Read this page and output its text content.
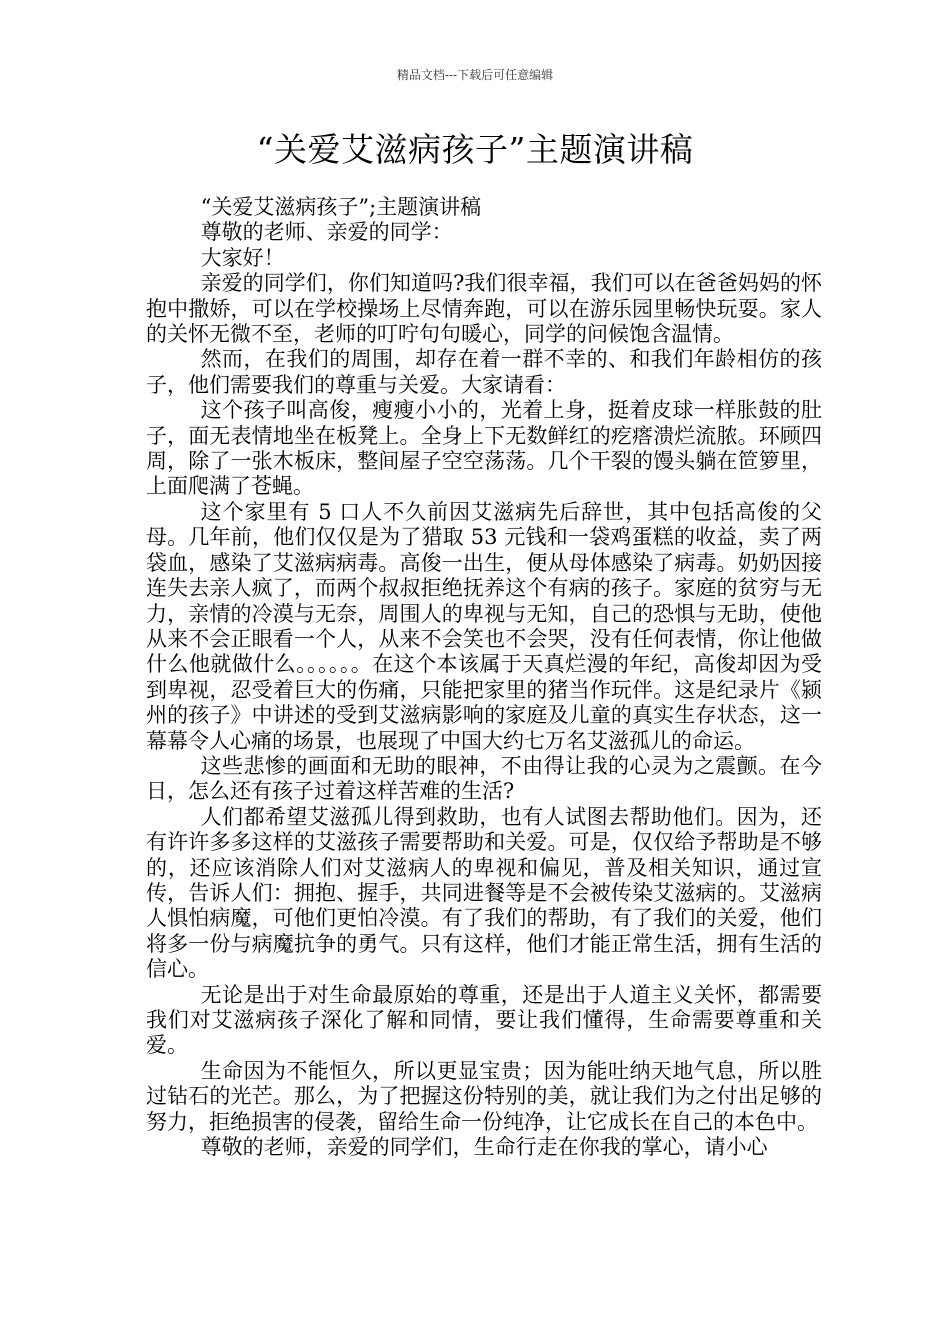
精品文档---下载后可任意编辑
“关爱艾滋病孩子”主题演讲稿

“关爱艾滋病孩子”;主题演讲稿

尊敬的老师、亲爱的同学：

大家好！

亲爱的同学们，你们知道吗?我们很幸福，我们可以在爸爸妈妈的怀抱中撒娇，可以在学校操场上尽情奔跑，可以在游乐园里畅快玩耍。家人的关怀无微不至，老师的叮咛句句暖心，同学的问候饱含温情。

然而，在我们的周围，却存在着一群不幸的、和我们年龄相仿的孩子，他们需要我们的尊重与关爱。大家请看：

这个孩子叫高俊，瘦瘦小小的，光着上身，挺着皮球一样胀鼓的肚子，面无表情地坐在板凳上。全身上下无数鲜红的疙瘩溃烂流脓。环顾四周，除了一张木板床，整间屋子空空荡荡。几个干裂的馒头躺在笸箩里，上面爬满了苍蝇。

这个家里有 5 口人不久前因艾滋病先后辞世，其中包括高俊的父母。几年前，他们仅仅是为了猎取 53 元钱和一袋鸡蛋糕的收益，卖了两袋血，感染了艾滋病病毒。高俊一出生，便从母体感染了病毒。奶奶因接连失去亲人疯了，而两个叔叔拒绝抚养这个有病的孩子。家庭的贫穷与无力，亲情的冷漠与无奈，周围人的卑视与无知，自己的恐惧与无助，使他从来不会正眼看一个人，从来不会笑也不会哭，没有任何表情，你让他做什么他就做什么。。。。。。在这个本该属于天真烂漫的年纪，高俊却因为受到卑视，忍受着巨大的伤痛，只能把家里的猪当作玩伴。这是纪录片《颍州的孩子》中讲述的受到艾滋病影响的家庭及儿童的真实生存状态，这一幕幕令人心痛的场景，也展现了中国大约七万名艾滋孤儿的命运。

这些悲惨的画面和无助的眼神，不由得让我的心灵为之震颤。在今日，怎么还有孩子过着这样苦难的生活?

人们都希望艾滋孤儿得到救助，也有人试图去帮助他们。因为，还有许许多多这样的艾滋孩子需要帮助和关爱。可是，仅仅给予帮助是不够的，还应该消除人们对艾滋病人的卑视和偏见，普及相关知识，通过宣传，告诉人们：拥抱、握手，共同进餐等是不会被传染艾滋病的。艾滋病人惧怕病魔，可他们更怕冷漠。有了我们的帮助，有了我们的关爱，他们将多一份与病魔抗争的勇气。只有这样，他们才能正常生活，拥有生活的信心。

无论是出于对生命最原始的尊重，还是出于人道主义关怀，都需要我们对艾滋病孩子深化了解和同情，要让我们懂得，生命需要尊重和关爱。

生命因为不能恒久，所以更显宝贵；因为能吐纳天地气息，所以胜过钻石的光芒。那么，为了把握这份特别的美，就让我们为之付出足够的努力，拒绝损害的侵袭，留给生命一份纯净，让它成长在自己的本色中。

尊敬的老师，亲爱的同学们，生命行走在你我的掌心，请小心
